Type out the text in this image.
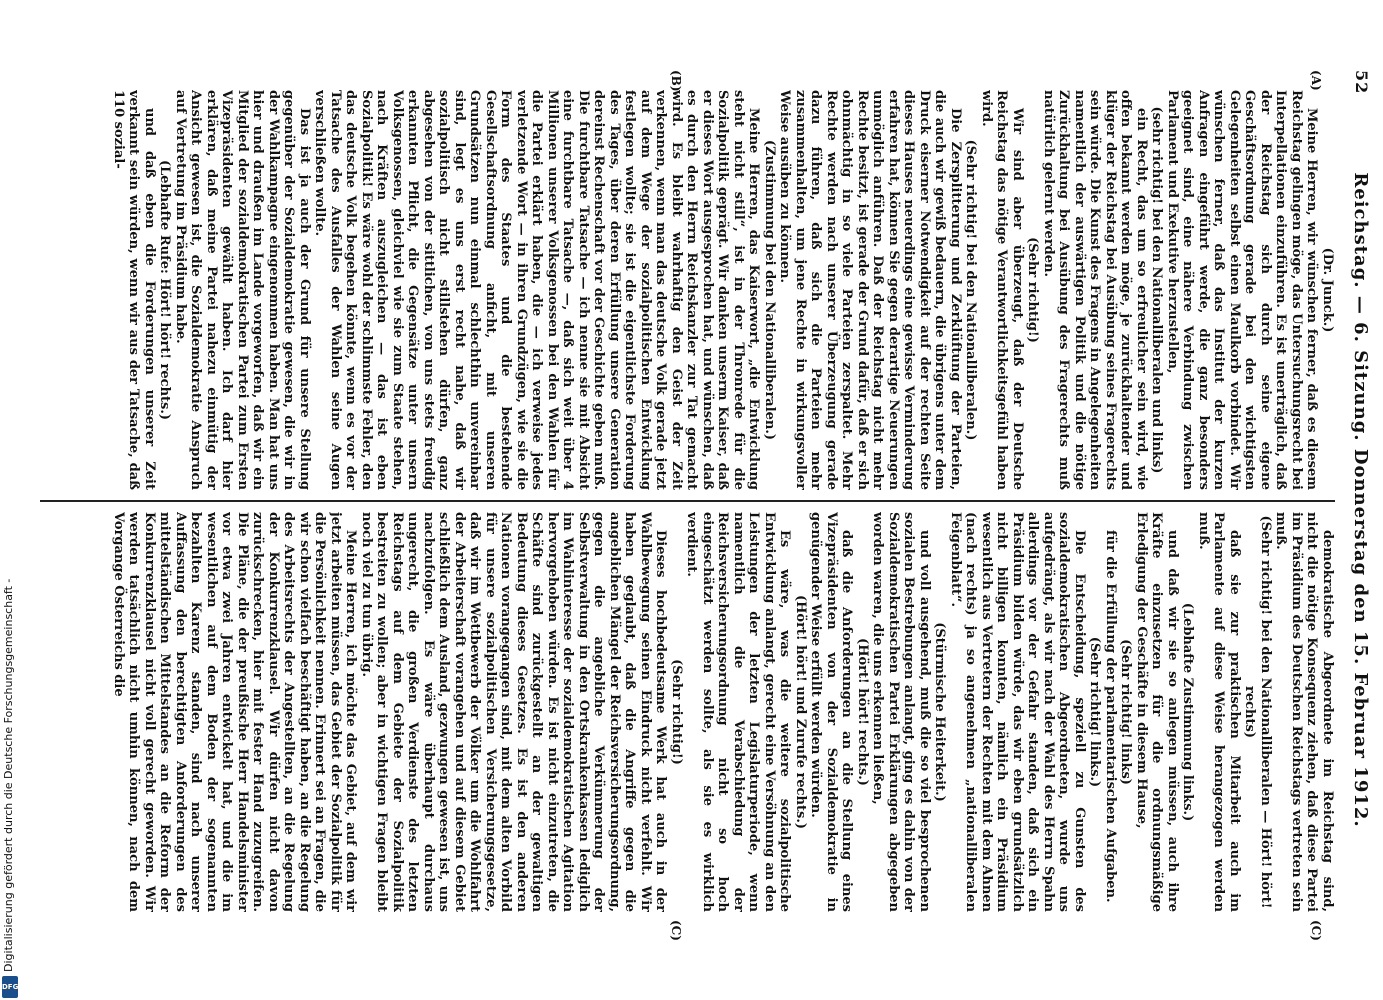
52
Reichstag. — 6. Sitzung. Donnerstag den 15. Februar 1912.
(A)
(B)
(C)
(C)

(Dr. Junck.)

Meine Herren, wir wünschen ferner, daß es diesem Reichstag gelingen möge, das Untersuchungsrecht bei Interpellationen einzuführen. Es ist unerträglich, daß der Reichstag sich durch seine eigene Geschäftsordnung gerade bei den wichtigsten Gelegenheiten selbst einen Maulkorb vorbindet. Wir wünschen ferner, daß das Institut der kurzen Anfragen eingeführt werde, die ganz besonders geeignet sind, eine nähere Verbindung zwischen Parlament und Exekutive herzustellen,

(sehr richtig! bei den Nationalliberalen und links)

ein Recht, das um so erfreulicher sein wird, wie offen bekannt werden möge, je zurückhaltender und klüger der Reichstag bei Ausübung seines Fragerechts sein würde. Die Kunst des Fragens in Angelegenheiten namentlich der auswärtigen Politik und die nötige Zurückhaltung bei Ausübung des Fragerechts muß natürlich gelernt werden.

(Sehr richtig!)

Wir sind aber überzeugt, daß der Deutsche Reichstag das nötige Verantwortlichkeitsgefühl haben wird.

(Sehr richtig! bei den Nationalliberalen.)

Die Zersplitterung und Zerklüftung der Parteien, die auch wir gewiß bedauern, die übrigens unter dem Druck eiserner Notwendigkeit auf der rechten Seite dieses Hauses neuerdings eine gewisse Verminderung erfahren hat, können Sie gegen derartige Neuerungen unmöglich anführen. Daß der Reichstag nicht mehr Rechte besitzt, ist gerade der Grund dafür, daß er sich ohnmächtig in so viele Parteien zerspaltet. Mehr Rechte werden nach unserer Überzeugung gerade dazu führen, daß sich die Parteien mehr zusammenhalten, um jene Rechte in wirkungsvoller Weise ausüben zu können.

(Zustimmung bei den Nationalliberalen.)

Meine Herren, das Kaiserwort, „die Entwicklung steht nicht still“, ist in der Thronrede für die Sozialpolitik geprägt. Wir danken unserm Kaiser, daß er dieses Wort ausgesprochen hat, und wünschen, daß es durch den Herrn Reichskanzler zur Tat gemacht wird. Es bleibt wahrhaftig den Geist der Zeit verkennen, wenn man das deutsche Volk gerade jetzt auf dem Wege der sozialpolitischen Entwicklung festlegen wollte; sie ist die eigentlichste Forderung des Tages, über deren Erfüllung unsere Generation dereinst Rechenschaft vor der Geschichte geben muß. Die furchtbare Tatsache — ich nenne sie mit Absicht eine furchtbare Tatsache —, daß sich weit über 4 Millionen unserer Volksgenossen bei den Wahlen für die Partei erklärt haben, die — ich verweise jedes verletzende Wort — in ihren Grundzügen, wie sie die Form des Staates und die bestehende Gesellschaftsordnung anficht, mit unseren Grundsätzen nun einmal schlechthin unvereinbar sind, legt es uns erst recht nahe, daß wir sozialpolitisch nicht stillstehen dürfen, ganz abgesehen von der sittlichen, von uns stets freudig erkannten Pflicht, die Gegensätze unter unsern Volksgenossen, gleichviel wie sie zum Staate stehen, nach Kräften auszugleichen — das ist eben Sozialpolitik! Es wäre wohl der schlimmste Fehler, den das deutsche Volk begehen könnte, wenn es vor der Tatsache des Ausfalles der Wahlen seine Augen verschließen wollte.

Das ist ja auch der Grund für unsere Stellung gegenüber der Sozialdemokratie gewesen, die wir in der Wahlkampagne eingenommen haben. Man hat uns hier und draußen im Lande vorgeworfen, daß wir ein Mitglied der sozialdemokratischen Partei zum Ersten Vizepräsidenten gewählt haben. Ich darf hier erklären, daß meine Partei nahezu einmütig der Ansicht gewesen ist, die Sozialdemokratie Anspruch auf Vertretung im Präsidium habe.

(Lebhafte Rufe: Hört! hört! rechts.)

und daß eben die Forderungen unserer Zeit verkannt sein würden, wenn wir aus der Tatsache, daß 110 sozial-

demokratische Abgeordnete im Reichstag sind, nicht die nötige Konsequenz ziehen, daß diese Partei im Präsidium des Deutschen Reichstags vertreten sein muß.

(Sehr richtig! bei den Nationalliberalen — Hört! hört! rechts)

daß sie zur praktischen Mitarbeit auch im Parlamente auf diese Weise herangezogen werden muß.

(Lebhafte Zustimmung links.)

und daß wir sie so anlegen müssen, auch ihre Kräfte einzusetzen für die ordnungsmäßige Erledigung der Geschäfte in diesem Hause,

(Sehr richtig! links)

für die Erfüllung der parlamentarischen Aufgaben.

(Sehr richtig! links.)

Die Entscheidung, speziell zu Gunsten des sozialdemokratischen Abgeordneten, wurde uns aufgedrängt, als wir nach der Wahl des Herrn Spahn allerdings vor der Gefahr standen, daß sich ein Präsidium bilden würde, das wir eben grundsätzlich nicht billigen konnten, nämlich ein Präsidium wesentlich aus Vertretern der Rechten mit dem Ahnen (nach rechts) ja so angenehmen „nationalliberalen Feigenblatt“.

(Stürmische Heiterkeit.)

und voll ausgehend, muß die so viel besprochenen sozialen Bestrebungen anlangt, ging es dahin von der Sozialdemokratischen Partei Erklärungen abgegeben worden waren, die uns erkennen ließen,

(Hört! hört! rechts.)

daß die Anforderungen an die Stellung eines Vizepräsidenten von der Sozialdemokratie in genügender Weise erfüllt werden würden.

(Hört! hört! und Zurufe rechts.)

Es wäre, was die weitere sozialpolitische Entwicklung anlangt, gerecht eine Versöhnung an den Leistungen der letzten Legislaturperiode, wenn namentlich die Verabschiedung der Reichsversicherungsordnung nicht so hoch eingeschätzt werden sollte, als sie es wirklich verdient.

(Sehr richtig!)

Dieses hochbedeutsame Werk hat auch in der Wahlbewegung seinen Eindruck nicht verfehlt. Wir haben geglaubt, daß die Angriffe gegen die angeblichen Mängel der Reichsversicherungsordnung, gegen die angebliche Verkümmerung der Selbstverwaltung in den Ortskrankenkassen lediglich im Wahlinteresse der sozialdemokratischen Agitation hervorgehoben würden. Es ist nicht einzutreten, die Schäfte sind zurückgestellt an der gewaltigen Bedeutung dieses Gesetzes. Es ist den anderen Nationen vorangegangen sind, mit dem alten Vorbild für unsere sozialpolitischen Versicherungsgesetze, daß wir im Wettbewerb der Völker um die Wohlfahrt der Arbeiterschaft vorangehen und auf diesem Gebiet schließlich dem Ausland, gezwungen gewesen ist, uns nachzufolgen. Es wäre überhaupt durchaus ungerecht, die großen Verdienste des letzten Reichstags auf dem Gebiete der Sozialpolitik bestreiten zu wollen; aber in wichtigen Fragen bleibt noch viel zu tun übrig.

Meine Herren, ich möchte das Gebiet, auf dem wir jetzt arbeiten müssen, das Gebiet der Sozialpolitik für die Persönlichkeit nennen. Erinnert sei an Fragen, die wir schon vielfach beschäftigt haben, an die Regelung des Arbeitsrechts der Angestellten, an die Regelung der Konkurrenzklausel. Wir dürfen nicht davon zurückschrecken, hier mit fester Hand zuzugreifen. Die Pläne, die der preußische Herr Handelsminister vor etwa zwei Jahren entwickelt hat, und die im wesentlichen auf dem Boden der sogenannten bezahlten Karenz standen, sind nach unserer Auffassung den berechtigten Anforderungen des mittelständischen Mittelstandes an die Reform der Konkurrenzklausel nicht voll gerecht geworden. Wir werden tatsächlich nicht umhin können, nach dem Vorgange Österreichs die

Digitalisierung gefördert durch die Deutsche Forschungsgemeinschaft -
DFG
